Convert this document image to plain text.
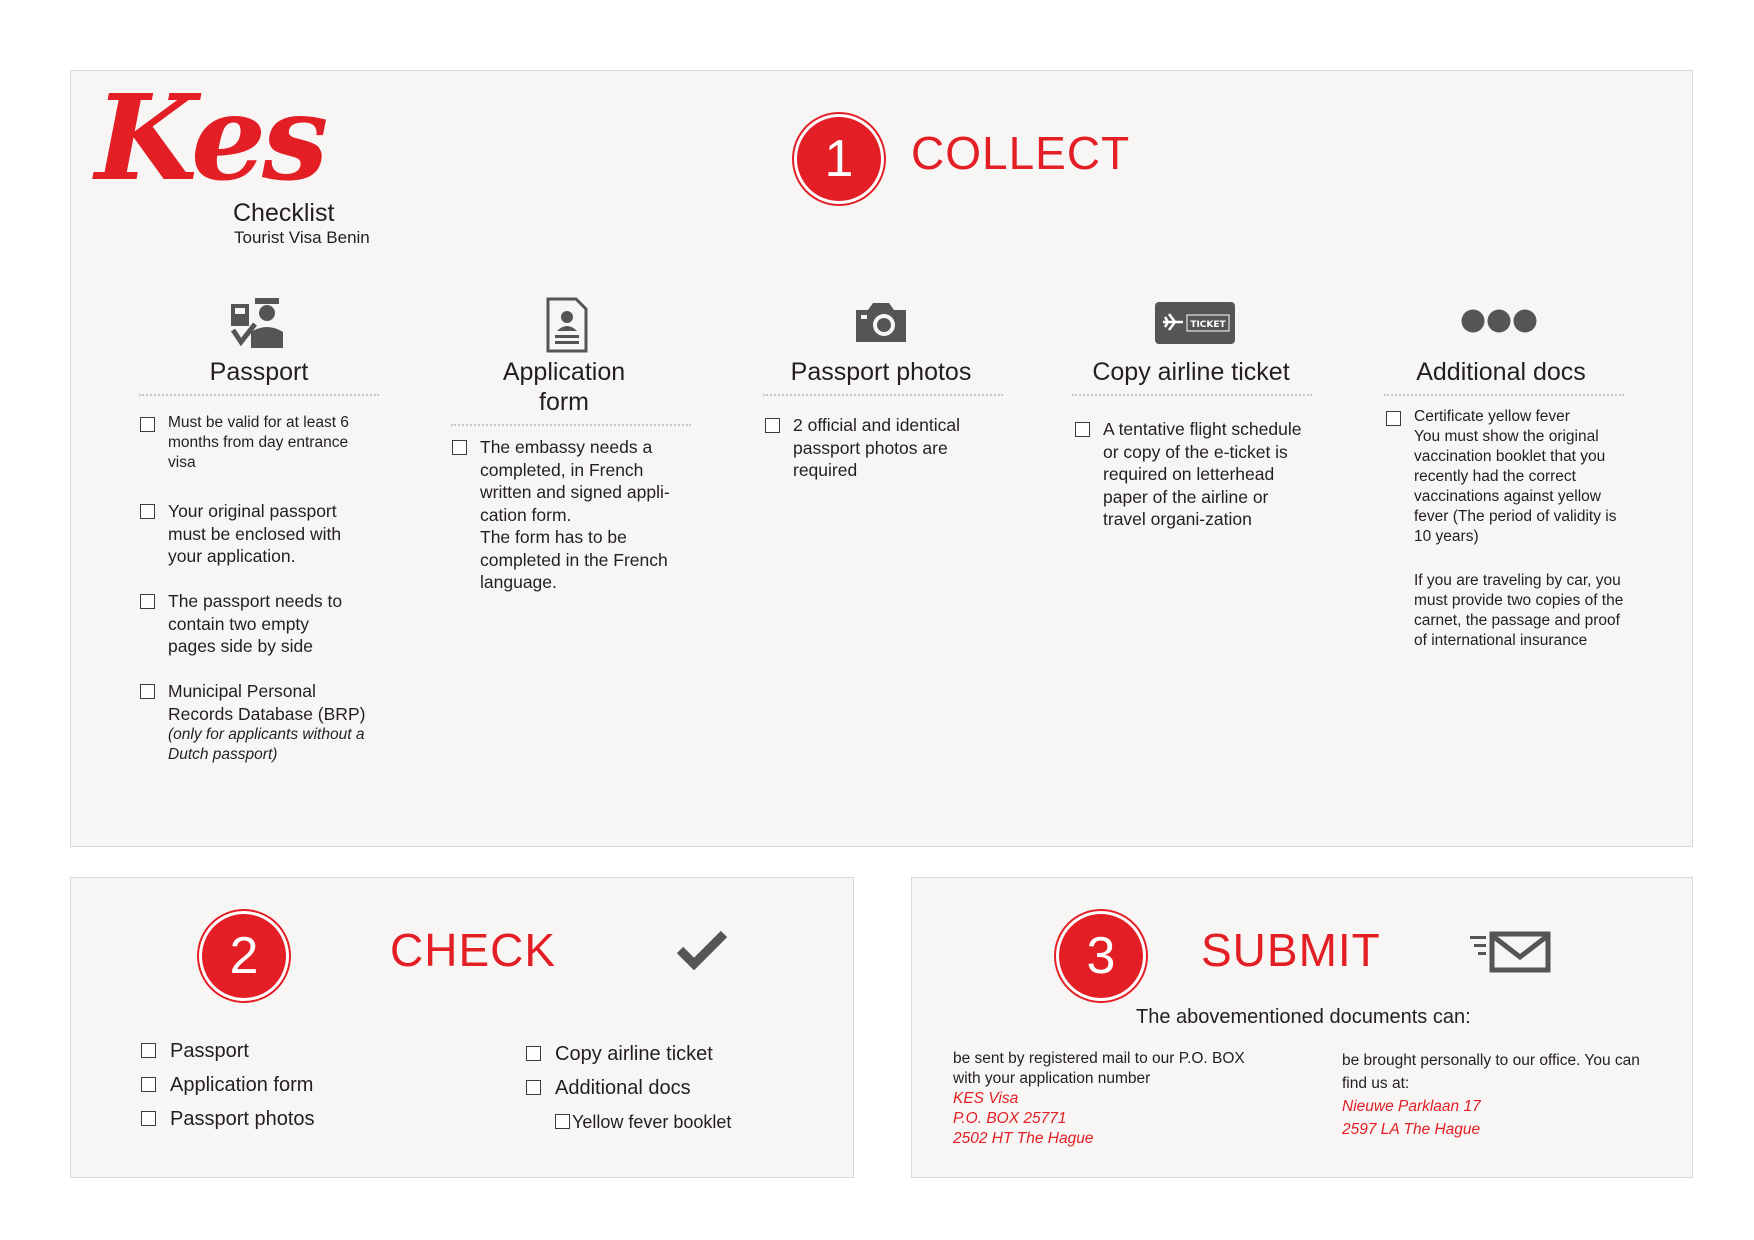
Kes
Checklist
Tourist Visa Benin
1	COLLECT
Passport
Must be valid for at least 6 months from day entrance visa
Your original passport must be enclosed with your application.
The passport needs to contain two empty pages side by side
Municipal Personal Records Database (BRP)
(only for applicants without a Dutch passport)
Application form
The embassy needs a completed, in French written and signed appli-cation form.
The form has to be completed in the French language.
Passport photos
2 official and identical passport photos are required
TICKET
Copy airline ticket
A tentative flight schedule or copy of the e-ticket is required on letterhead paper of the airline or travel organi-zation
Additional docs
Certificate yellow fever
You must show the original vaccination booklet that you recently had the correct vaccinations against yellow fever (The period of validity is 10 years)
If you are traveling by car, you must provide two copies of the carnet, the passage and proof of international insurance
2	CHECK
Passport
Application form
Passport photos
Copy airline ticket
Additional docs
Yellow fever booklet
3	SUBMIT
The abovementioned documents can:
be sent by registered mail to our P.O. BOX with your application number
KES Visa
P.O. BOX 25771
2502 HT The Hague
be brought personally to our office. You can find us at:
Nieuwe Parklaan 17
2597 LA The Hague
